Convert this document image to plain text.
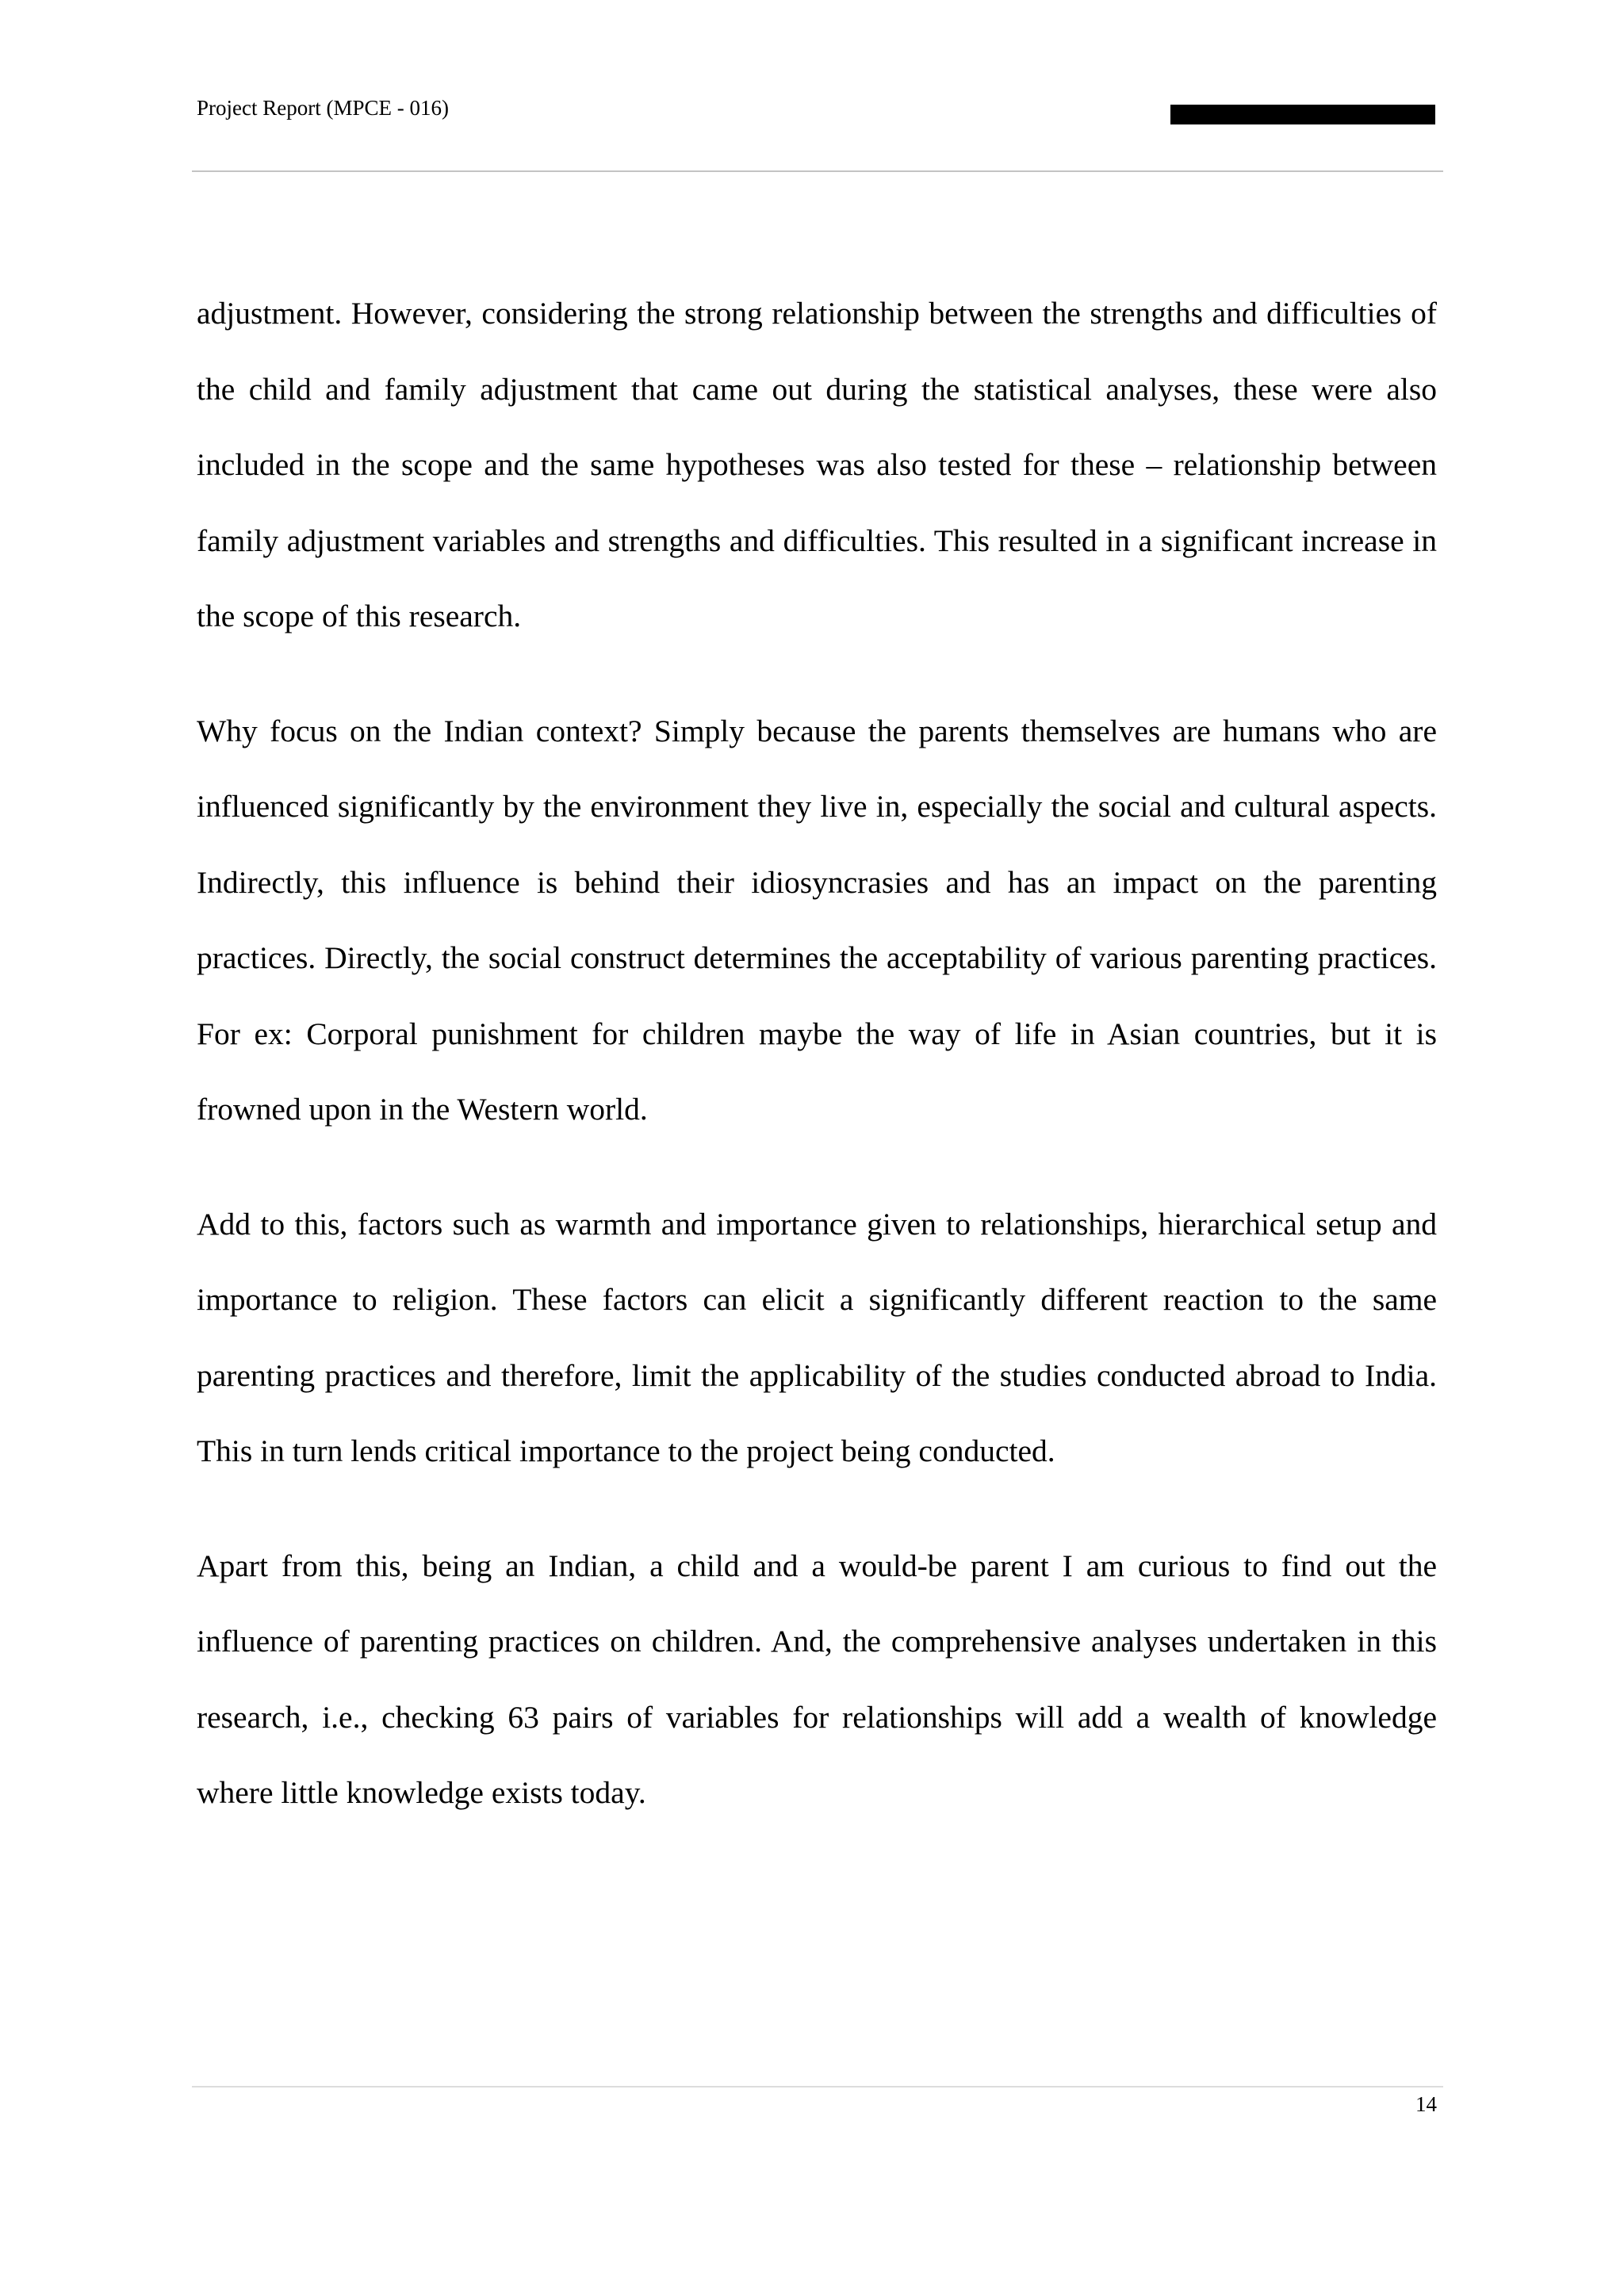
Project Report (MPCE - 016)

adjustment. However, considering the strong relationship between the strengths and difficulties of the child and family adjustment that came out during the statistical analyses, these were also included in the scope and the same hypotheses was also tested for these – relationship between family adjustment variables and strengths and difficulties. This resulted in a significant increase in the scope of this research.

Why focus on the Indian context? Simply because the parents themselves are humans who are influenced significantly by the environment they live in, especially the social and cultural aspects. Indirectly, this influence is behind their idiosyncrasies and has an impact on the parenting practices. Directly, the social construct determines the acceptability of various parenting practices. For ex: Corporal punishment for children maybe the way of life in Asian countries, but it is frowned upon in the Western world.

Add to this, factors such as warmth and importance given to relationships, hierarchical setup and importance to religion. These factors can elicit a significantly different reaction to the same parenting practices and therefore, limit the applicability of the studies conducted abroad to India. This in turn lends critical importance to the project being conducted.

Apart from this, being an Indian, a child and a would-be parent I am curious to find out the influence of parenting practices on children. And, the comprehensive analyses undertaken in this research, i.e., checking 63 pairs of variables for relationships will add a wealth of knowledge where little knowledge exists today.

14
